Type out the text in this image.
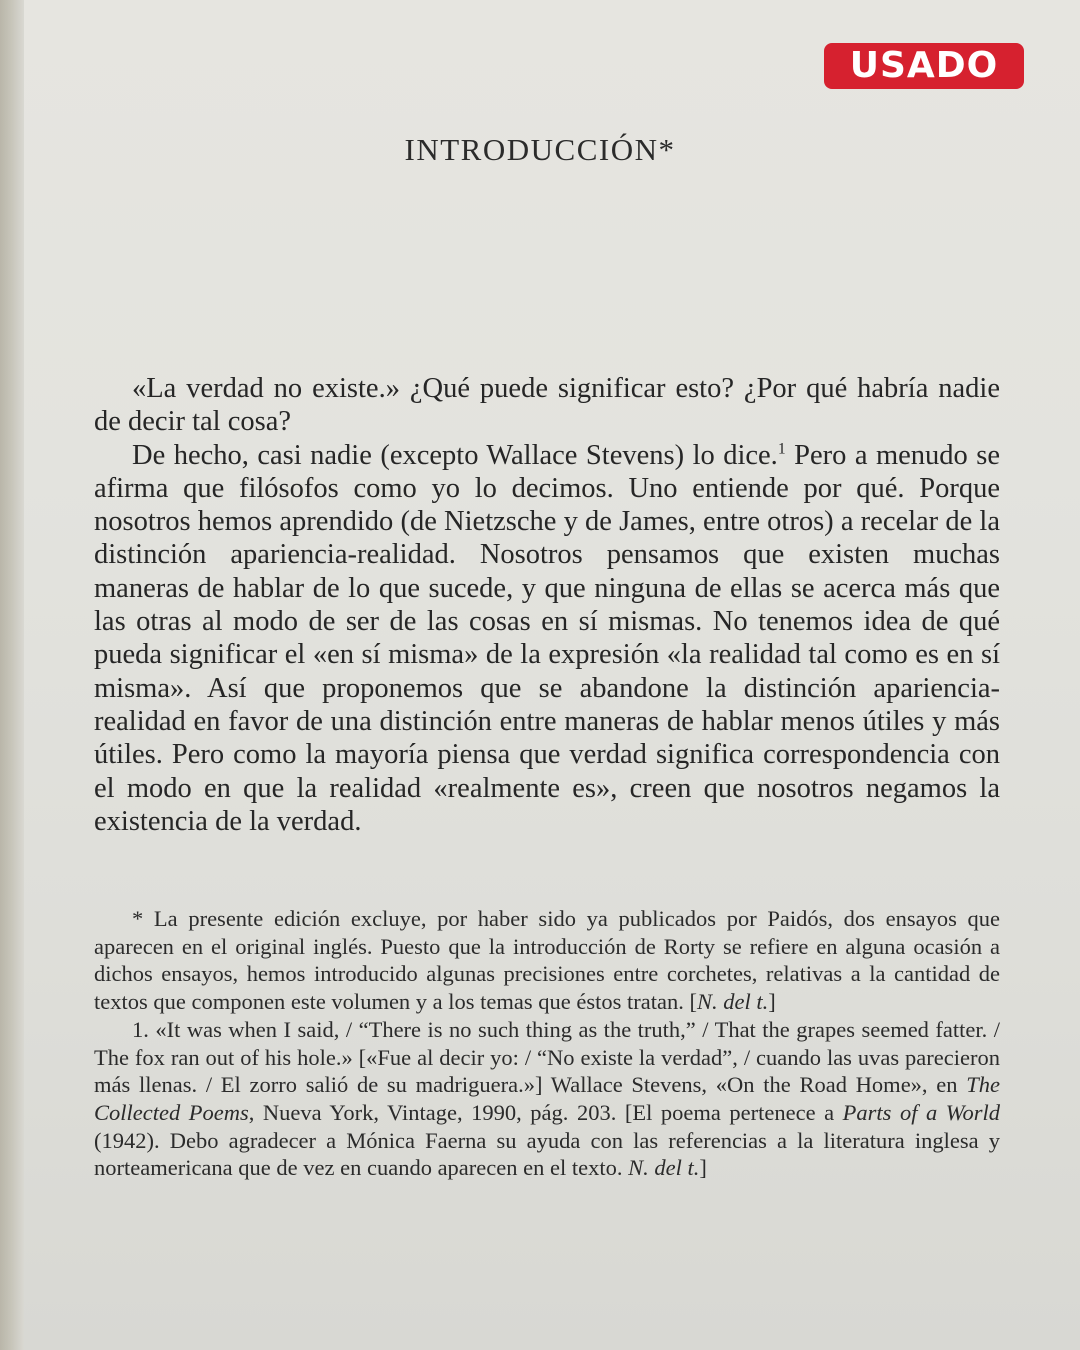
USADO
INTRODUCCIÓN*

«La verdad no existe.» ¿Qué puede significar esto? ¿Por qué habría nadie de decir tal cosa?

De hecho, casi nadie (excepto Wallace Stevens) lo dice.$^1$ Pero a menudo se afirma que filósofos como yo lo decimos. Uno entiende por qué. Porque nosotros hemos aprendido (de Nietzsche y de James, entre otros) a recelar de la distinción apariencia-realidad. Nosotros pensamos que existen muchas maneras de hablar de lo que sucede, y que ninguna de ellas se acerca más que las otras al modo de ser de las cosas en sí mismas. No tenemos idea de qué pueda significar el «en sí misma» de la expresión «la realidad tal como es en sí misma». Así que proponemos que se abandone la distinción apariencia-realidad en favor de una distinción entre maneras de hablar menos útiles y más útiles. Pero como la mayoría piensa que verdad significa correspondencia con el modo en que la realidad «realmente es», creen que nosotros negamos la existencia de la verdad.

* La presente edición excluye, por haber sido ya publicados por Paidós, dos ensayos que aparecen en el original inglés. Puesto que la introducción de Rorty se refiere en alguna ocasión a dichos ensayos, hemos introducido algunas precisiones entre corchetes, relativas a la cantidad de textos que componen este volumen y a los temas que éstos tratan. [N. del t.]

1. «It was when I said, / “There is no such thing as the truth,” / That the grapes seemed fatter. / The fox ran out of his hole.» [«Fue al decir yo: / “No existe la verdad”, / cuando las uvas parecieron más llenas. / El zorro salió de su madriguera.»] Wallace Stevens, «On the Road Home», en The Collected Poems, Nueva York, Vintage, 1990, pág. 203. [El poema pertenece a Parts of a World (1942). Debo agradecer a Mónica Faerna su ayuda con las referencias a la literatura inglesa y norteamericana que de vez en cuando aparecen en el texto. N. del t.]
